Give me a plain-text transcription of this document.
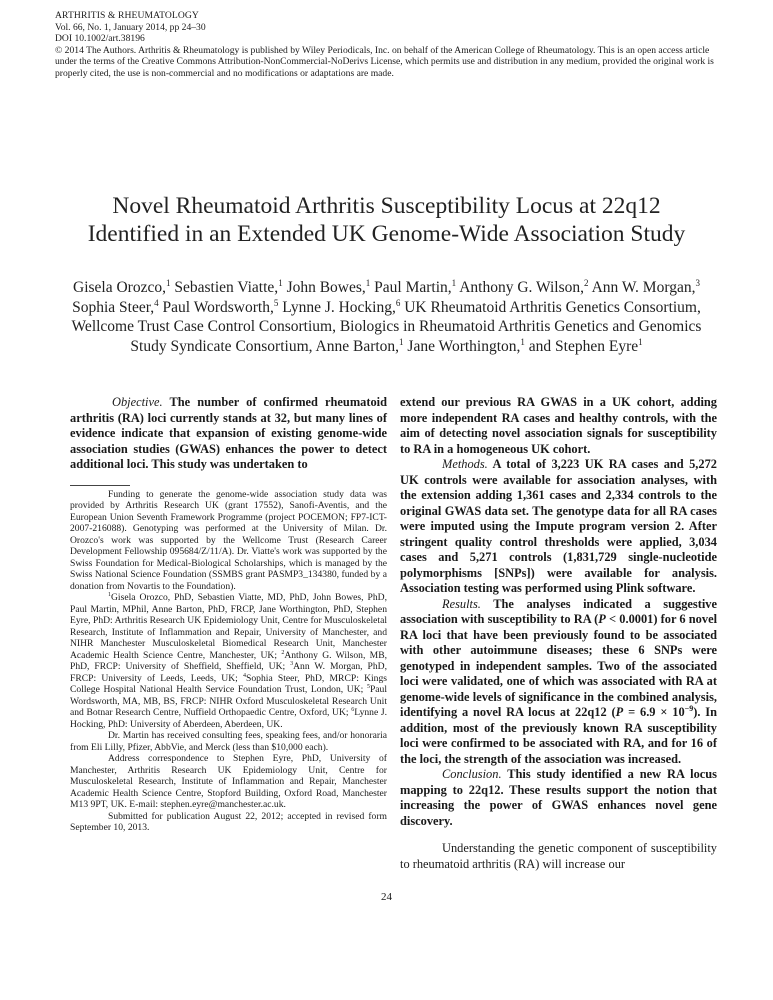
ARTHRITIS & RHEUMATOLOGY
Vol. 66, No. 1, January 2014, pp 24–30
DOI 10.1002/art.38196
© 2014 The Authors. Arthritis & Rheumatology is published by Wiley Periodicals, Inc. on behalf of the American College of Rheumatology. This is an open access article under the terms of the Creative Commons Attribution-NonCommercial-NoDerivs License, which permits use and distribution in any medium, provided the original work is properly cited, the use is non-commercial and no modifications or adaptations are made.
Novel Rheumatoid Arthritis Susceptibility Locus at 22q12
Identified in an Extended UK Genome-Wide Association Study
Gisela Orozco,$^1$ Sebastien Viatte,$^1$ John Bowes,$^1$ Paul Martin,$^1$ Anthony G. Wilson,$^2$ Ann W. Morgan,$^3$ Sophia Steer,$^4$ Paul Wordsworth,$^5$ Lynne J. Hocking,$^6$ UK Rheumatoid Arthritis Genetics Consortium, Wellcome Trust Case Control Consortium, Biologics in Rheumatoid Arthritis Genetics and Genomics Study Syndicate Consortium, Anne Barton,$^1$ Jane Worthington,$^1$ and Stephen Eyre$^1$

Objective. The number of confirmed rheumatoid arthritis (RA) loci currently stands at 32, but many lines of evidence indicate that expansion of existing genome-wide association studies (GWAS) enhances the power to detect additional loci. This study was undertaken to

Funding to generate the genome-wide association study data was provided by Arthritis Research UK (grant 17552), Sanofi-Aventis, and the European Union Seventh Framework Programme (project POCEMON; FP7-ICT-2007-216088). Genotyping was performed at the University of Milan. Dr. Orozco's work was supported by the Wellcome Trust (Research Career Development Fellowship 095684/Z/11/A). Dr. Viatte's work was supported by the Swiss Foundation for Medical-Biological Scholarships, which is managed by the Swiss National Science Foundation (SSMBS grant PASMP3_134380, funded by a donation from Novartis to the Foundation).

$^1$Gisela Orozco, PhD, Sebastien Viatte, MD, PhD, John Bowes, PhD, Paul Martin, MPhil, Anne Barton, PhD, FRCP, Jane Worthington, PhD, Stephen Eyre, PhD: Arthritis Research UK Epidemiology Unit, Centre for Musculoskeletal Research, Institute of Inflammation and Repair, University of Manchester, and NIHR Manchester Musculoskeletal Biomedical Research Unit, Manchester Academic Health Science Centre, Manchester, UK; $^2$Anthony G. Wilson, MB, PhD, FRCP: University of Sheffield, Sheffield, UK; $^3$Ann W. Morgan, PhD, FRCP: University of Leeds, Leeds, UK; $^4$Sophia Steer, PhD, MRCP: Kings College Hospital National Health Service Foundation Trust, London, UK; $^5$Paul Wordsworth, MA, MB, BS, FRCP: NIHR Oxford Musculoskeletal Research Unit and Botnar Research Centre, Nuffield Orthopaedic Centre, Oxford, UK; $^6$Lynne J. Hocking, PhD: University of Aberdeen, Aberdeen, UK.

Dr. Martin has received consulting fees, speaking fees, and/or honoraria from Eli Lilly, Pfizer, AbbVie, and Merck (less than $10,000 each).

Address correspondence to Stephen Eyre, PhD, University of Manchester, Arthritis Research UK Epidemiology Unit, Centre for Musculoskeletal Research, Institute of Inflammation and Repair, Manchester Academic Health Science Centre, Stopford Building, Oxford Road, Manchester M13 9PT, UK. E-mail: stephen.eyre@manchester.ac.uk.

Submitted for publication August 22, 2012; accepted in revised form September 10, 2013.

extend our previous RA GWAS in a UK cohort, adding more independent RA cases and healthy controls, with the aim of detecting novel association signals for susceptibility to RA in a homogeneous UK cohort.

Methods. A total of 3,223 UK RA cases and 5,272 UK controls were available for association analyses, with the extension adding 1,361 cases and 2,334 controls to the original GWAS data set. The genotype data for all RA cases were imputed using the Impute program version 2. After stringent quality control thresholds were applied, 3,034 cases and 5,271 controls (1,831,729 single-nucleotide polymorphisms [SNPs]) were available for analysis. Association testing was performed using Plink software.

Results. The analyses indicated a suggestive association with susceptibility to RA (P < 0.0001) for 6 novel RA loci that have been previously found to be associated with other autoimmune diseases; these 6 SNPs were genotyped in independent samples. Two of the associated loci were validated, one of which was associated with RA at genome-wide levels of significance in the combined analysis, identifying a novel RA locus at 22q12 $(P = 6.9 \times 10^{-9})$. In addition, most of the previously known RA susceptibility loci were confirmed to be associated with RA, and for 16 of the loci, the strength of the association was increased.

Conclusion. This study identified a new RA locus mapping to 22q12. These results support the notion that increasing the power of GWAS enhances novel gene discovery.

Understanding the genetic component of susceptibility to rheumatoid arthritis (RA) will increase our

24
